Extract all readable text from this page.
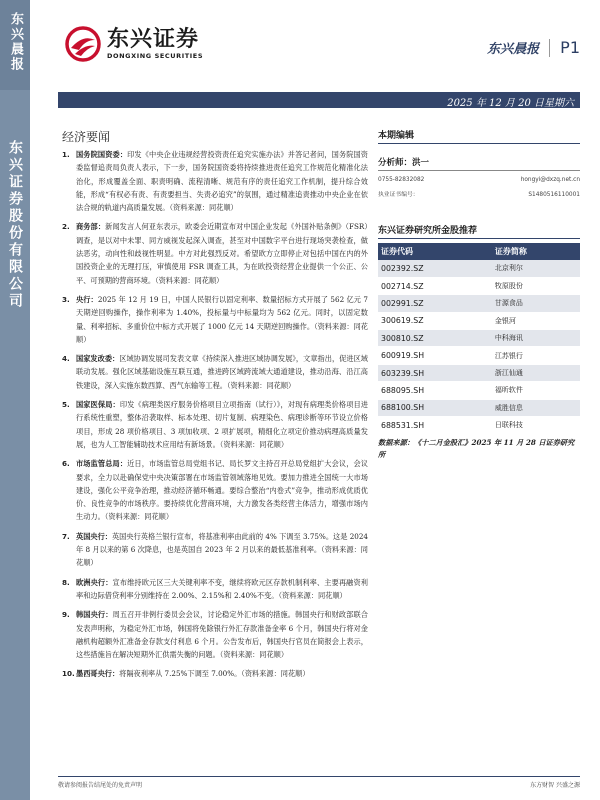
东兴晨报
东兴证券股份有限公司
东兴证券
DONGXING SECURITIES	东兴晨报 P1
2025 年 12 月 20 日星期六
经济要闻
1. 国务院国资委：印发《中央企业违规经营投资责任追究实施办法》并答记者问，国务院国资委监督追责局负责人表示，下一步，国务院国资委将持续推进责任追究工作规范化精准化法治化，形成覆盖全面、职责明确、流程清晰、规范有序的责任追究工作机制，提升综合效能，形成“有权必有责、有责要担当、失责必追究”的氛围，通过精准追责推动中央企业在依法合规的轨道内高质量发展。（资料来源：同花顺）
2. 商务部：新闻发言人何亚东表示，欧委会近期宣布对中国企业发起《外国补贴条例》（FSR）调查，是以对中未罪、同方威视发起深入调查，甚至对中国数字平台进行现场突袭检查，做法恶劣，动向性和歧视性明显。中方对此强烈反对。希望欧方立即停止对包括中国在内的外国投资企业的无理打压，审慎使用 FSR 调查工具，为在欧投资经营企业提供一个公正、公平、可预期的营商环境。（资料来源：同花顺）
3. 央行：2025 年 12 月 19 日，中国人民银行以固定利率、数量招标方式开展了 562 亿元 7 天期逆回购操作，操作利率为 1.40%，投标量与中标量均为 562 亿元。同时，以固定数量、利率招标、多重价位中标方式开展了 1000 亿元 14 天期逆回购操作。（资料来源：同花顺）
4. 国家发改委：区域协调发展司发表文章《持续深入推进区域协调发展》，文章指出，促进区域联动发展。强化区域基础设施互联互通，推进跨区域跨流域大通道建设，推动沿海、沿江高铁建设，深入实施东数西算、西气东输等工程。（资料来源：同花顺）
5. 国家医保局：印发《病理类医疗服务价格项目立项指南（试行）》，对现有病理类价格项目进行系统性重塑，整体沿袭取样、标本处理、切片复制、病理染色、病理诊断等环节设立价格项目，形成 28 项价格项目、3 项加收项、2 项扩展项，精细化立项定价推动病理高质量发展，也为人工智能辅助技术应用结有新场景。（资料来源：同花顺）
6. 市场监管总局：近日，市场监管总局党组书记、局长罗文主持召开总局党组扩大会议，会议要求，全力以赴确保党中央决策部署在市场监管领域落地见效。要加力推进全国统一大市场建设，强化公平竞争治理，推动经济循环畅通。要综合整治“内卷式”竞争，推动形成优质优价、良性竞争的市场秩序。要持续优化营商环境，大力激发各类经营主体活力，增强市场内生动力。（资料来源：同花顺）
7. 英国央行：英国央行英格兰银行宣布，将基准利率由此前的 4% 下调至 3.75%。这是 2024 年 8 月以来的第 6 次降息，也是英国自 2023 年 2 月以来的最低基准利率。（资料来源：同花顺）
8. 欧洲央行：宣布维持欧元区三大关键利率不变，继续将欧元区存款机制利率、主要再融资利率和边际借贷利率分别维持在 2.00%、2.15%和 2.40%不变。（资料来源：同花顺）
9. 韩国央行：周五召开非例行委员会会议，讨论稳定外汇市场的措施。韩国央行和财政部联合发表声明称，为稳定外汇市场，韩国将免除银行外汇存款准备金率 6 个月，韩国央行将对金融机构超额外汇准备金存款支付利息 6 个月。公告发布后，韩国央行官员在简报会上表示，这些措施旨在解决短期外汇供需失衡的问题。（资料来源：同花顺）
10. 墨西哥央行：将隔夜利率从 7.25%下调至 7.00%。（资料来源：同花顺）
本期编辑
分析师：洪一
0755-82832082	hongyi@dxzq.net.cn
执业证书编号：	S1480516110001
东兴证券研究所金股推荐
证券代码	证券简称
002392.SZ	北京利尔
002714.SZ	牧原股份
002991.SZ	甘源食品
300619.SZ	金银河
300810.SZ	中科海讯
600919.SH	江苏银行
603239.SH	浙江仙通
688095.SH	福昕软件
688100.SH	威胜信息
688531.SH	日联科技
数据来源：《十二月金股汇》2025 年 11 月 28 日证券研究所
敬请参阅报告结尾处的免责声明	东方财智 兴盛之源
